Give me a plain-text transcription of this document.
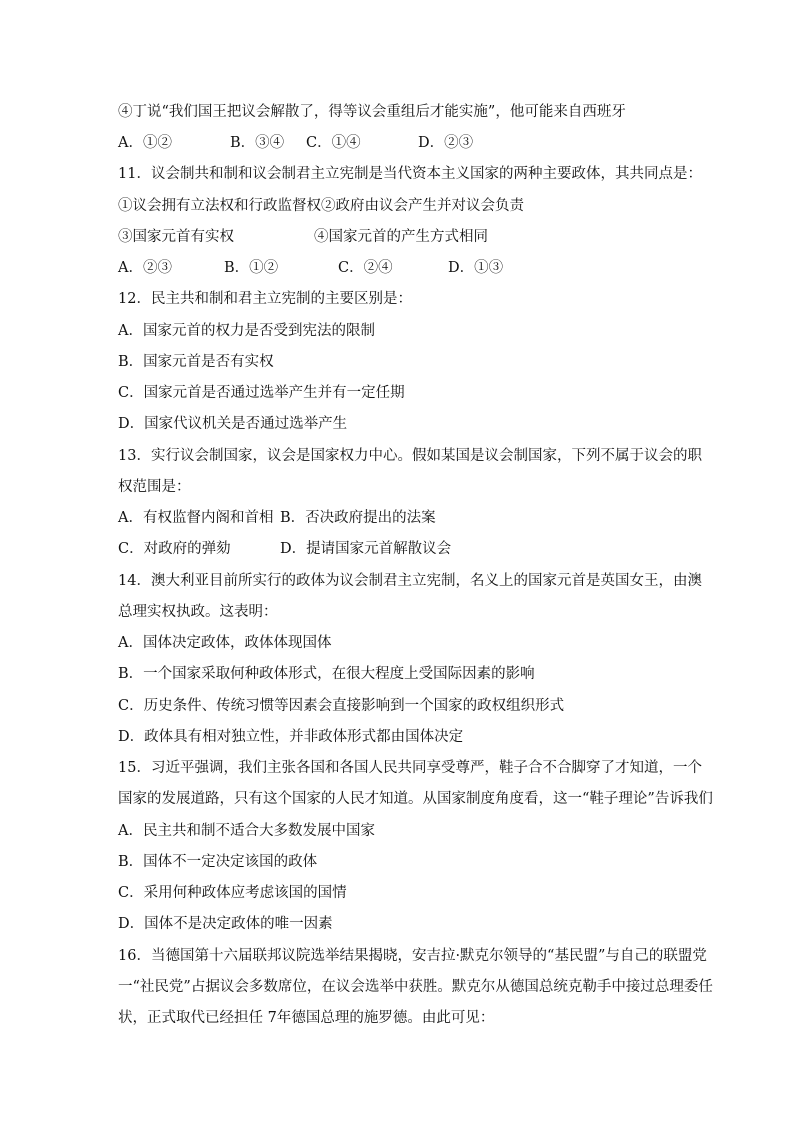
④丁说“我们国王把议会解散了，得等议会重组后才能实施”，他可能来自西班牙
A．①②	B．③④ C．①④	D．②③
11．议会制共和制和议会制君主立宪制是当代资本主义国家的两种主要政体，其共同点是：
①议会拥有立法权和行政监督权②政府由议会产生并对议会负责
③国家元首有实权	④国家元首的产生方式相同
A．②③	B．①②	C．②④	D．①③
12．民主共和制和君主立宪制的主要区别是：
A．国家元首的权力是否受到宪法的限制
B．国家元首是否有实权
C．国家元首是否通过选举产生并有一定任期
D．国家代议机关是否通过选举产生
13．实行议会制国家，议会是国家权力中心。假如某国是议会制国家，下列不属于议会的职
权范围是：
A．有权监督内阁和首相 B．否决政府提出的法案
C．对政府的弹劾	D．提请国家元首解散议会
14．澳大利亚目前所实行的政体为议会制君主立宪制，名义上的国家元首是英国女王，由澳
总理实权执政。这表明：
A．国体决定政体，政体体现国体
B．一个国家采取何种政体形式，在很大程度上受国际因素的影响
C．历史条件、传统习惯等因素会直接影响到一个国家的政权组织形式
D．政体具有相对独立性，并非政体形式都由国体决定
15．习近平强调，我们主张各国和各国人民共同享受尊严，鞋子合不合脚穿了才知道，一个
国家的发展道路，只有这个国家的人民才知道。从国家制度角度看，这一“鞋子理论”告诉我们
A．民主共和制不适合大多数发展中国家
B．国体不一定决定该国的政体
C．采用何种政体应考虑该国的国情
D．国体不是决定政体的唯一因素
16．当德国第十六届联邦议院选举结果揭晓，安吉拉·默克尔领导的“基民盟”与自己的联盟党
一“社民党”占据议会多数席位，在议会选举中获胜。默克尔从德国总统克勒手中接过总理委任
状，正式取代已经担任 7年德国总理的施罗德。由此可见：
